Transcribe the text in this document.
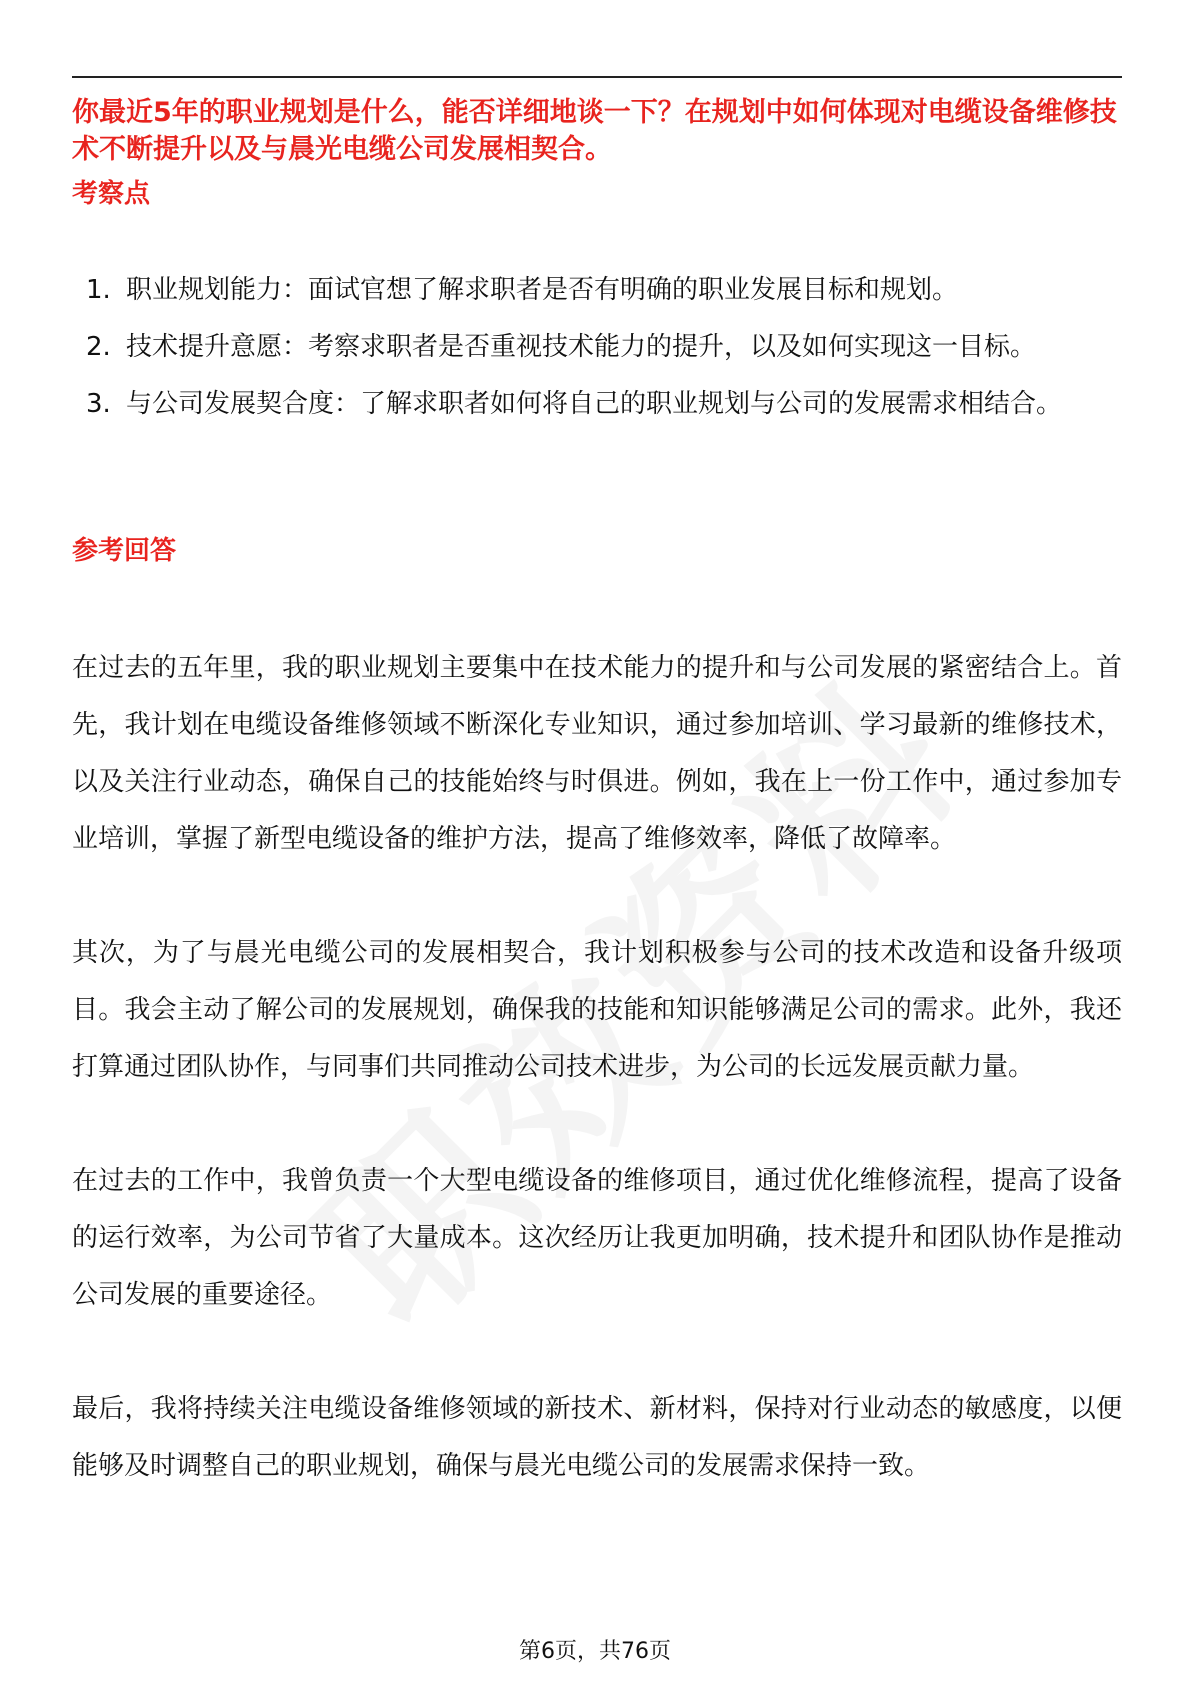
你最近5年的职业规划是什么，能否详细地谈一下？在规划中如何体现对电缆设备维修技术不断提升以及与晨光电缆公司发展相契合。
考察点
1. 职业规划能力：面试官想了解求职者是否有明确的职业发展目标和规划。
2. 技术提升意愿：考察求职者是否重视技术能力的提升，以及如何实现这一目标。
3. 与公司发展契合度：了解求职者如何将自己的职业规划与公司的发展需求相结合。
参考回答

在过去的五年里，我的职业规划主要集中在技术能力的提升和与公司发展的紧密结合上。首先，我计划在电缆设备维修领域不断深化专业知识，通过参加培训、学习最新的维修技术，以及关注行业动态，确保自己的技能始终与时俱进。例如，我在上一份工作中，通过参加专业培训，掌握了新型电缆设备的维护方法，提高了维修效率，降低了故障率。

其次，为了与晨光电缆公司的发展相契合，我计划积极参与公司的技术改造和设备升级项目。我会主动了解公司的发展规划，确保我的技能和知识能够满足公司的需求。此外，我还打算通过团队协作，与同事们共同推动公司技术进步，为公司的长远发展贡献力量。

在过去的工作中，我曾负责一个大型电缆设备的维修项目，通过优化维修流程，提高了设备的运行效率，为公司节省了大量成本。这次经历让我更加明确，技术提升和团队协作是推动公司发展的重要途径。

最后，我将持续关注电缆设备维修领域的新技术、新材料，保持对行业动态的敏感度，以便能够及时调整自己的职业规划，确保与晨光电缆公司的发展需求保持一致。

第6页，共76页
